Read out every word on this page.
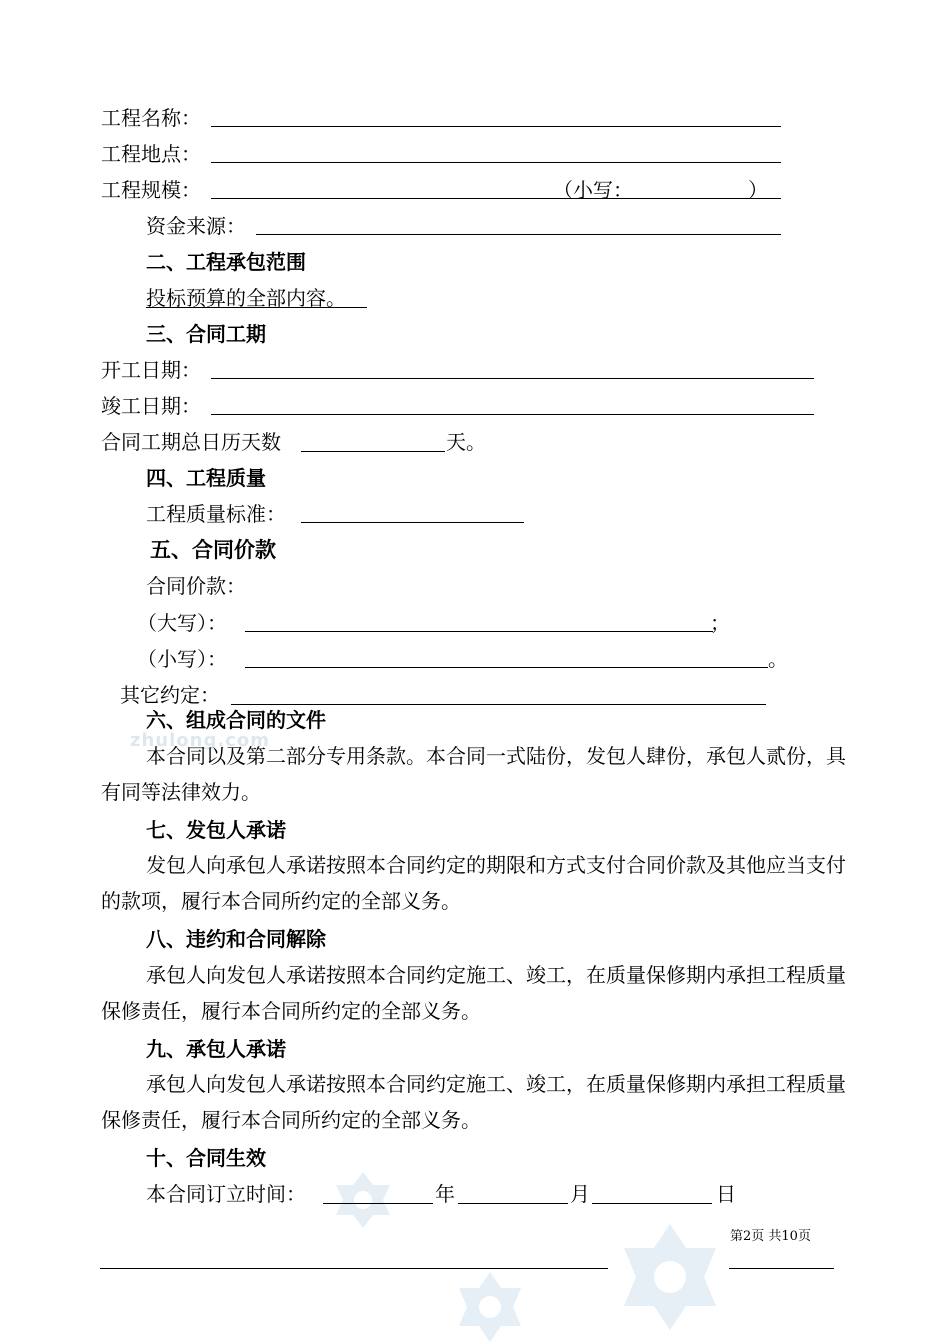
zhulong.com
工程名称：
工程地点：
工程规模：	（小写：	）
资金来源：
二、工程承包范围
投标预算的全部内容。
三、合同工期
开工日期：
竣工日期：
合同工期总日历天数	天。
四、工程质量
工程质量标准：
五、合同价款
合同价款：
（大写）：	；
（小写）：	。
其它约定：
六、组成合同的文件

本合同以及第二部分专用条款。本合同一式陆份，发包人肆份，承包人贰份，具有同等法律效力。

七、发包人承诺

发包人向承包人承诺按照本合同约定的期限和方式支付合同价款及其他应当支付的款项，履行本合同所约定的全部义务。

八、违约和合同解除

承包人向发包人承诺按照本合同约定施工、竣工，在质量保修期内承担工程质量保修责任，履行本合同所约定的全部义务。

九、承包人承诺

承包人向发包人承诺按照本合同约定施工、竣工，在质量保修期内承担工程质量保修责任，履行本合同所约定的全部义务。

十、合同生效
本合同订立时间：	年	月	日
第2页 共10页
